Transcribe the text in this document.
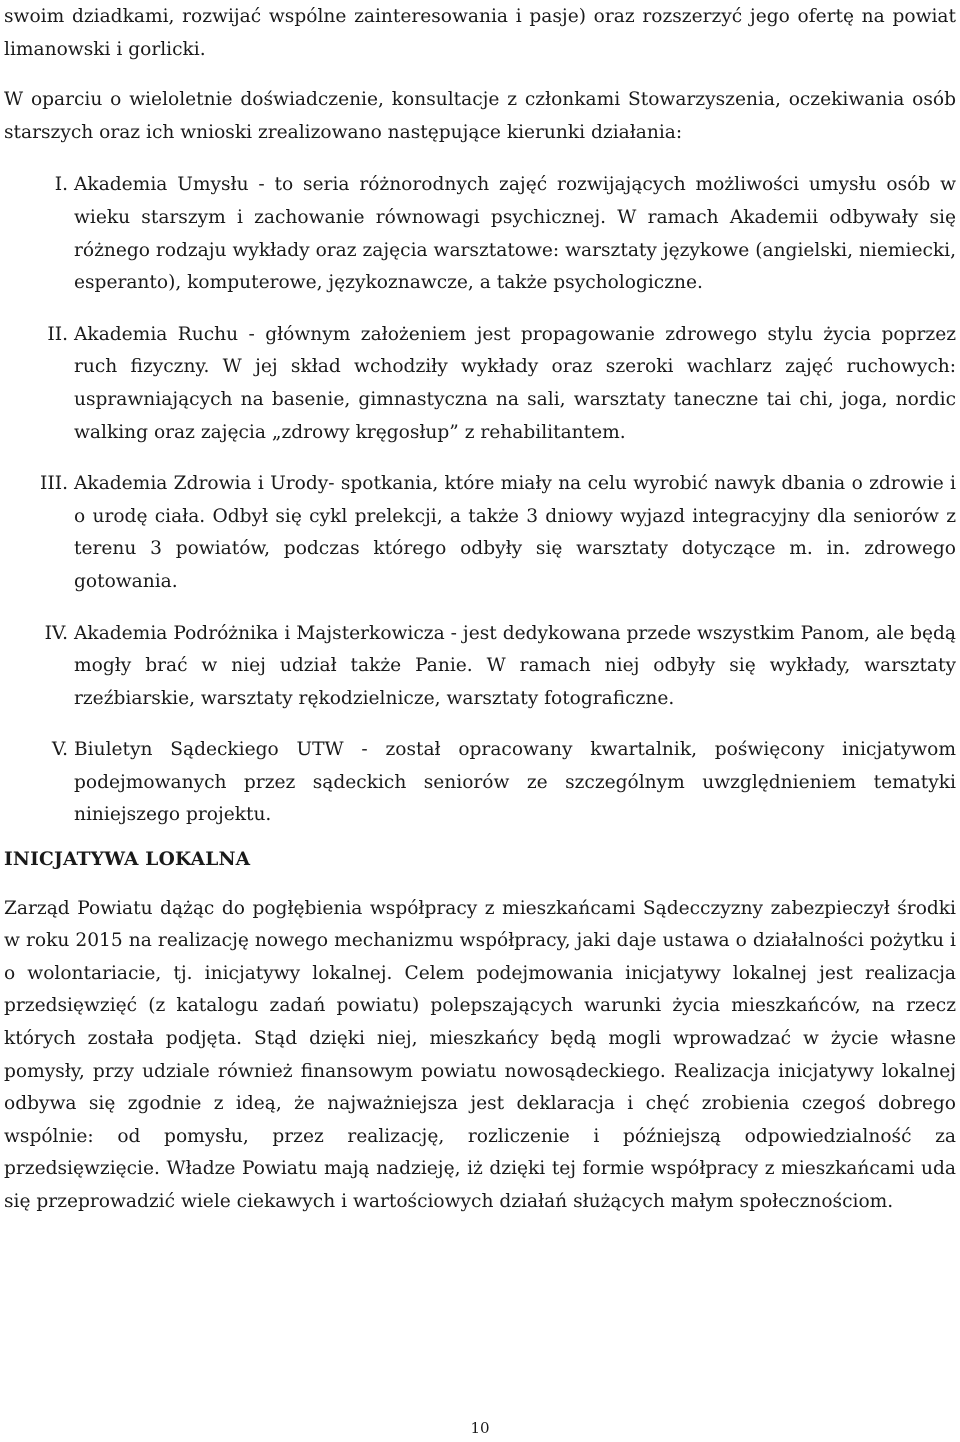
swoim dziadkami, rozwijać wspólne zainteresowania i pasje) oraz rozszerzyć jego ofertę na powiat limanowski i gorlicki.

W oparciu o wieloletnie doświadczenie, konsultacje z członkami Stowarzyszenia, oczekiwania osób starszych oraz ich wnioski zrealizowano następujące kierunki działania:

I. Akademia Umysłu - to seria różnorodnych zajęć rozwijających możliwości umysłu osób w wieku starszym i zachowanie równowagi psychicznej. W ramach Akademii odbywały się różnego rodzaju wykłady oraz zajęcia warsztatowe: warsztaty językowe (angielski, niemiecki, esperanto), komputerowe, językoznawcze, a także psychologiczne.

II. Akademia Ruchu - głównym założeniem jest propagowanie zdrowego stylu życia poprzez ruch fizyczny. W jej skład wchodziły wykłady oraz szeroki wachlarz zajęć ruchowych: usprawniających na basenie, gimnastyczna na sali, warsztaty taneczne tai chi, joga, nordic walking oraz zajęcia „zdrowy kręgosłup” z rehabilitantem.

III. Akademia Zdrowia i Urody- spotkania, które miały na celu wyrobić nawyk dbania o zdrowie i o urodę ciała. Odbył się cykl prelekcji, a także 3 dniowy wyjazd integracyjny dla seniorów z terenu 3 powiatów, podczas którego odbyły się warsztaty dotyczące m. in. zdrowego gotowania.

IV. Akademia Podróżnika i Majsterkowicza - jest dedykowana przede wszystkim Panom, ale będą mogły brać w niej udział także Panie. W ramach niej odbyły się wykłady, warsztaty rzeźbiarskie, warsztaty rękodzielnicze, warsztaty fotograficzne.

V. Biuletyn Sądeckiego UTW - został opracowany kwartalnik, poświęcony inicjatywom podejmowanych przez sądeckich seniorów ze szczególnym uwzględnieniem tematyki niniejszego projektu.

INICJATYWA LOKALNA

Zarząd Powiatu dążąc do pogłębienia współpracy z mieszkańcami Sądecczyzny zabezpieczył środki w roku 2015 na realizację nowego mechanizmu współpracy, jaki daje ustawa o działalności pożytku i o wolontariacie, tj. inicjatywy lokalnej. Celem podejmowania inicjatywy lokalnej jest realizacja przedsięwzięć (z katalogu zadań powiatu) polepszających warunki życia mieszkańców, na rzecz których została podjęta. Stąd dzięki niej, mieszkańcy będą mogli wprowadzać w życie własne pomysły, przy udziale również finansowym powiatu nowosądeckiego. Realizacja inicjatywy lokalnej odbywa się zgodnie z ideą, że najważniejsza jest deklaracja i chęć zrobienia czegoś dobrego wspólnie: od pomysłu, przez realizację, rozliczenie i późniejszą odpowiedzialność za przedsięwzięcie. Władze Powiatu mają nadzieję, iż dzięki tej formie współpracy z mieszkańcami uda się przeprowadzić wiele ciekawych i wartościowych działań służących małym społecznościom.

10
